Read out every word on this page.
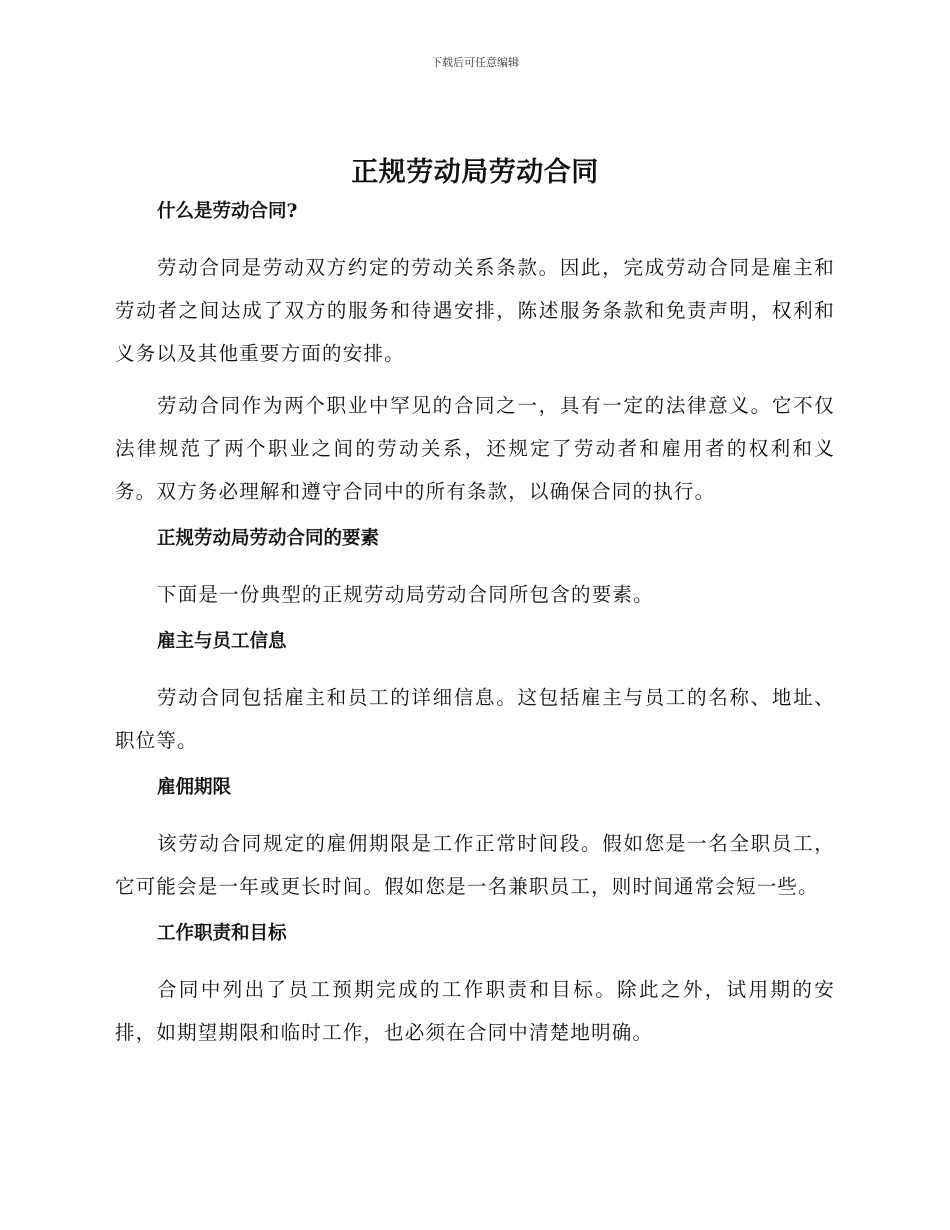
下载后可任意编辑
正规劳动局劳动合同
什么是劳动合同?

劳动合同是劳动双方约定的劳动关系条款。因此，完成劳动合同是雇主和劳动者之间达成了双方的服务和待遇安排，陈述服务条款和免责声明，权利和义务以及其他重要方面的安排。

劳动合同作为两个职业中罕见的合同之一，具有一定的法律意义。它不仅法律规范了两个职业之间的劳动关系，还规定了劳动者和雇用者的权利和义务。双方务必理解和遵守合同中的所有条款，以确保合同的执行。

正规劳动局劳动合同的要素

下面是一份典型的正规劳动局劳动合同所包含的要素。

雇主与员工信息

劳动合同包括雇主和员工的详细信息。这包括雇主与员工的名称、地址、职位等。

雇佣期限

该劳动合同规定的雇佣期限是工作正常时间段。假如您是一名全职员工，它可能会是一年或更长时间。假如您是一名兼职员工，则时间通常会短一些。

工作职责和目标

合同中列出了员工预期完成的工作职责和目标。除此之外，试用期的安排，如期望期限和临时工作，也必须在合同中清楚地明确。
